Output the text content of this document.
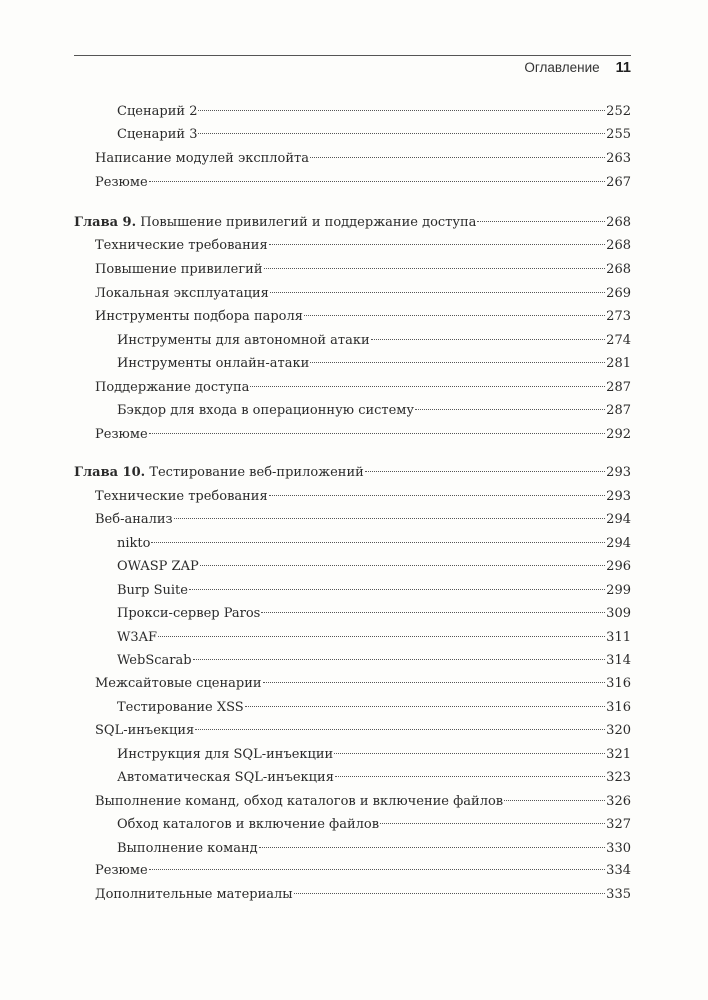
Оглавление 11
Сценарий 2	252
Сценарий 3	255
Написание модулей эксплойта	263
Резюме	267
Глава 9. Повышение привилегий и поддержание доступа	268
Технические требования	268
Повышение привилегий	268
Локальная эксплуатация	269
Инструменты подбора пароля	273
Инструменты для автономной атаки	274
Инструменты онлайн-атаки	281
Поддержание доступа	287
Бэкдор для входа в операционную систему	287
Резюме	292
Глава 10. Тестирование веб-приложений	293
Технические требования	293
Веб-анализ	294
nikto	294
OWASP ZAP	296
Burp Suite	299
Прокси-сервер Paros	309
W3AF	311
WebScarab	314
Межсайтовые сценарии	316
Тестирование XSS	316
SQL-инъекция	320
Инструкция для SQL-инъекции	321
Автоматическая SQL-инъекция	323
Выполнение команд, обход каталогов и включение файлов	326
Обход каталогов и включение файлов	327
Выполнение команд	330
Резюме	334
Дополнительные материалы	335
